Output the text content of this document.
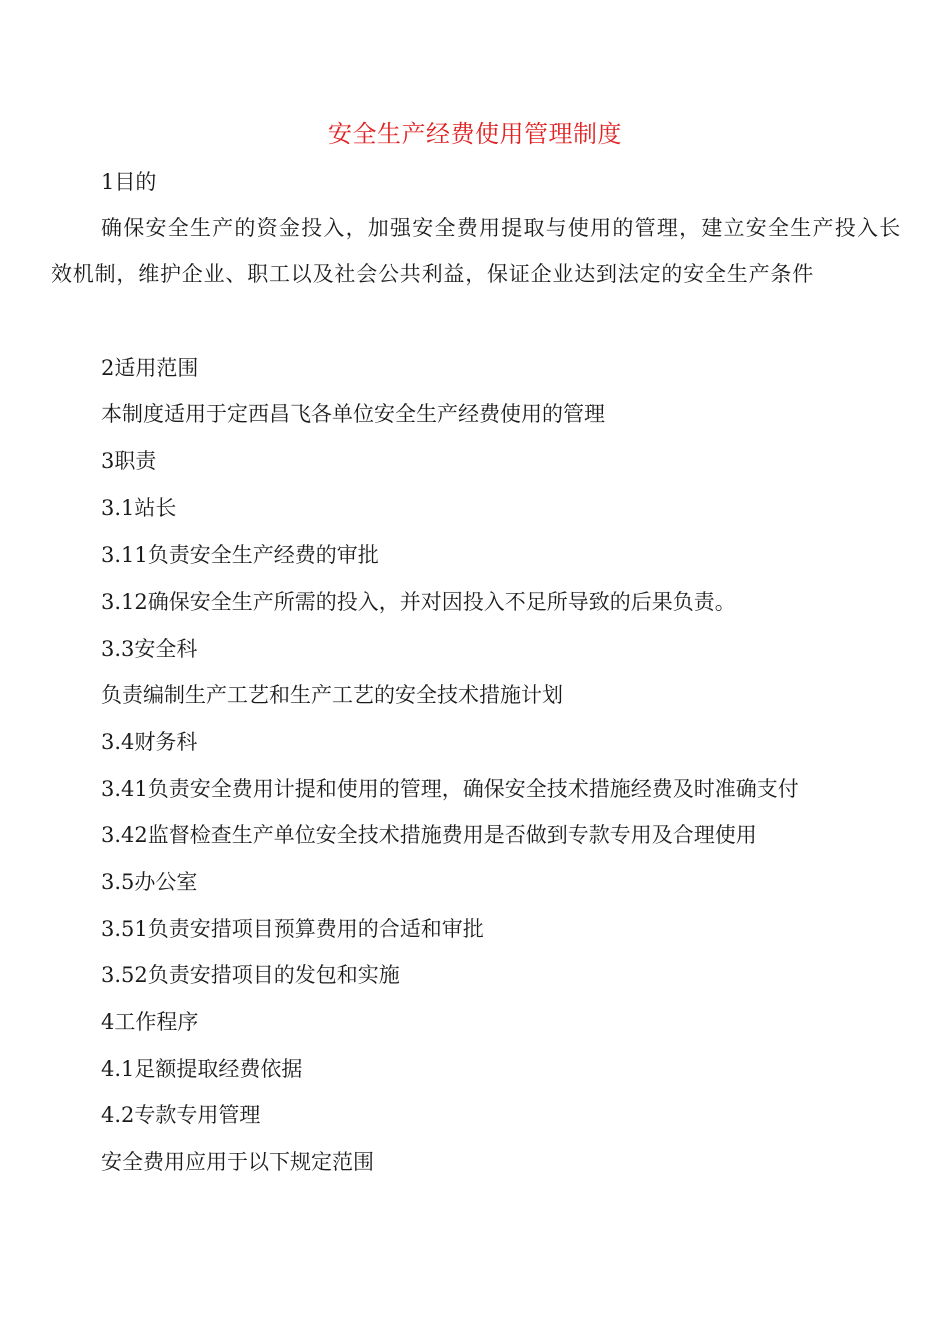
安全生产经费使用管理制度
1目的
确保安全生产的资金投入，加强安全费用提取与使用的管理，建立安全生产投入长效机制，维护企业、职工以及社会公共利益，保证企业达到法定的安全生产条件
2适用范围
本制度适用于定西昌飞各单位安全生产经费使用的管理
3职责
3.1站长
3.11负责安全生产经费的审批
3.12确保安全生产所需的投入，并对因投入不足所导致的后果负责。
3.3安全科
负责编制生产工艺和生产工艺的安全技术措施计划
3.4财务科
3.41负责安全费用计提和使用的管理，确保安全技术措施经费及时准确支付
3.42监督检查生产单位安全技术措施费用是否做到专款专用及合理使用
3.5办公室
3.51负责安措项目预算费用的合适和审批
3.52负责安措项目的发包和实施
4工作程序
4.1足额提取经费依据
4.2专款专用管理
安全费用应用于以下规定范围
